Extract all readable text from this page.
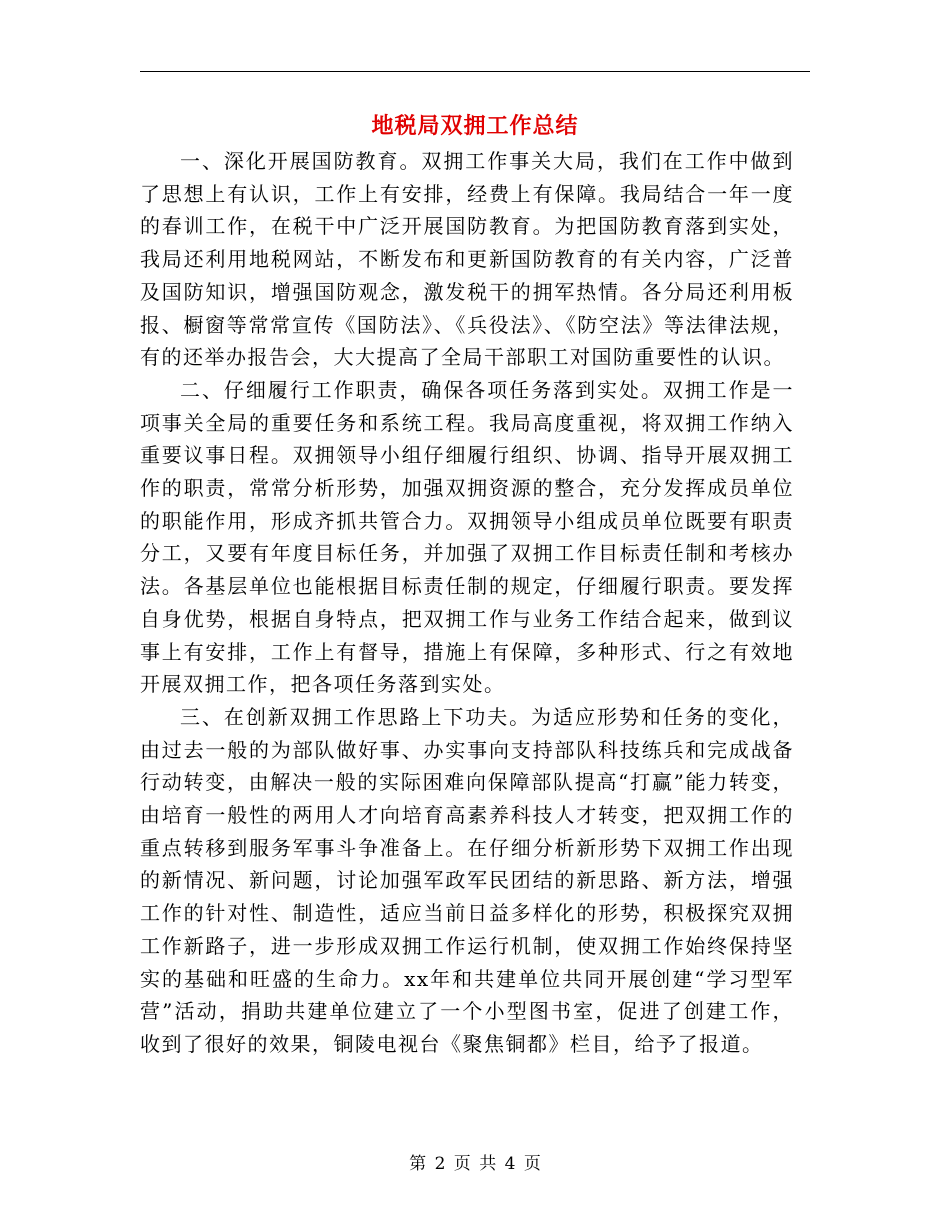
地税局双拥工作总结

一、深化开展国防教育。双拥工作事关大局，我们在工作中做到了思想上有认识，工作上有安排，经费上有保障。我局结合一年一度的春训工作，在税干中广泛开展国防教育。为把国防教育落到实处，我局还利用地税网站，不断发布和更新国防教育的有关内容，广泛普及国防知识，增强国防观念，激发税干的拥军热情。各分局还利用板报、橱窗等常常宣传《国防法》、《兵役法》、《防空法》等法律法规，有的还举办报告会，大大提高了全局干部职工对国防重要性的认识。

二、仔细履行工作职责，确保各项任务落到实处。双拥工作是一项事关全局的重要任务和系统工程。我局高度重视，将双拥工作纳入重要议事日程。双拥领导小组仔细履行组织、协调、指导开展双拥工作的职责，常常分析形势，加强双拥资源的整合，充分发挥成员单位的职能作用，形成齐抓共管合力。双拥领导小组成员单位既要有职责分工，又要有年度目标任务，并加强了双拥工作目标责任制和考核办法。各基层单位也能根据目标责任制的规定，仔细履行职责。要发挥自身优势，根据自身特点，把双拥工作与业务工作结合起来，做到议事上有安排，工作上有督导，措施上有保障，多种形式、行之有效地开展双拥工作，把各项任务落到实处。

三、在创新双拥工作思路上下功夫。为适应形势和任务的变化，由过去一般的为部队做好事、办实事向支持部队科技练兵和完成战备行动转变，由解决一般的实际困难向保障部队提高“打赢”能力转变，由培育一般性的两用人才向培育高素养科技人才转变，把双拥工作的重点转移到服务军事斗争准备上。在仔细分析新形势下双拥工作出现的新情况、新问题，讨论加强军政军民团结的新思路、新方法，增强工作的针对性、制造性，适应当前日益多样化的形势，积极探究双拥工作新路子，进一步形成双拥工作运行机制，使双拥工作始终保持坚实的基础和旺盛的生命力。xx年和共建单位共同开展创建“学习型军营”活动，捐助共建单位建立了一个小型图书室，促进了创建工作，收到了很好的效果，铜陵电视台《聚焦铜都》栏目，给予了报道。

第 2 页 共 4 页
